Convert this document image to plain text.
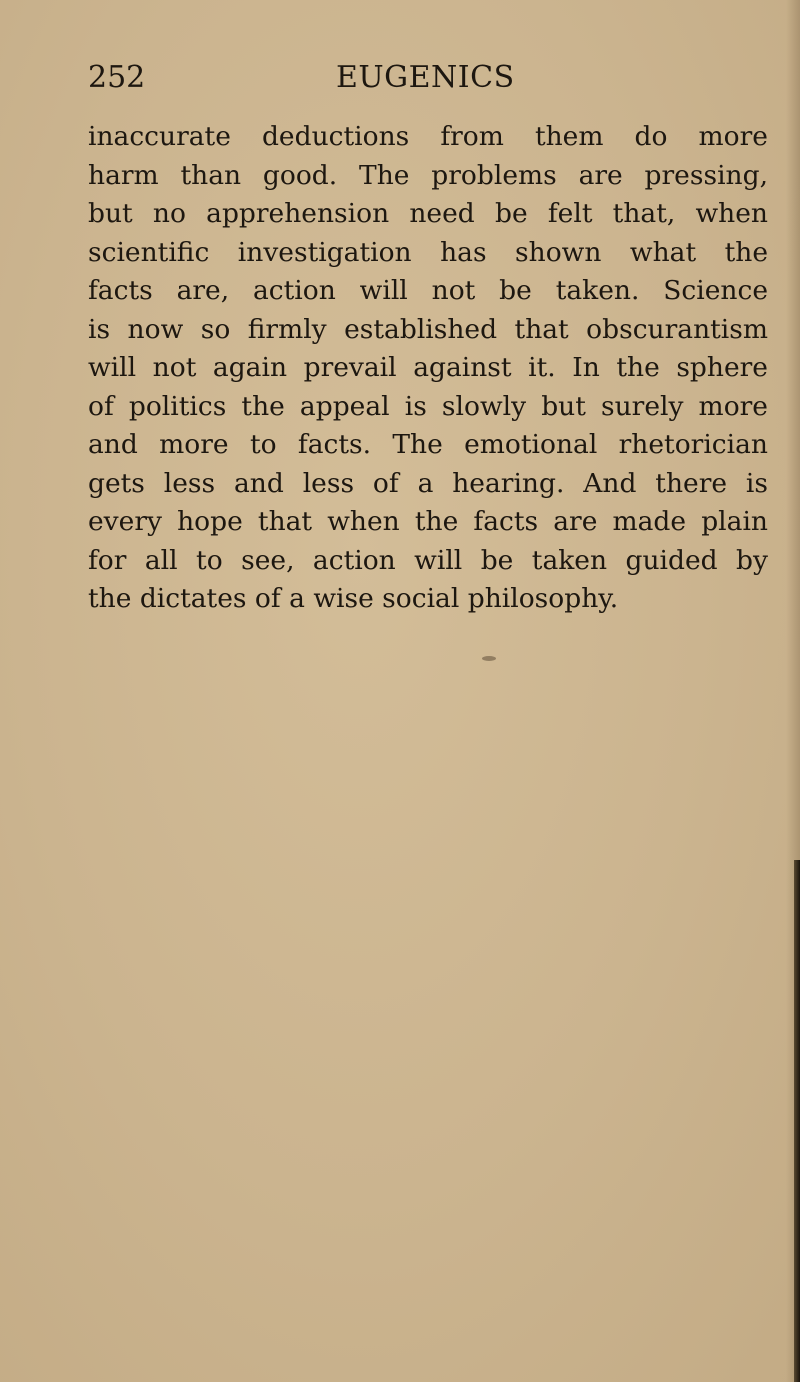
252	EUGENICS
inaccurate deductions from them do more
harm than good. The problems are pressing,
but no apprehension need be felt that, when
scientific investigation has shown what the
facts are, action will not be taken. Science
is now so firmly established that obscurantism
will not again prevail against it. In the sphere
of politics the appeal is slowly but surely more
and more to facts. The emotional rhetorician
gets less and less of a hearing. And there is
every hope that when the facts are made plain
for all to see, action will be taken guided by
the dictates of a wise social philosophy.
